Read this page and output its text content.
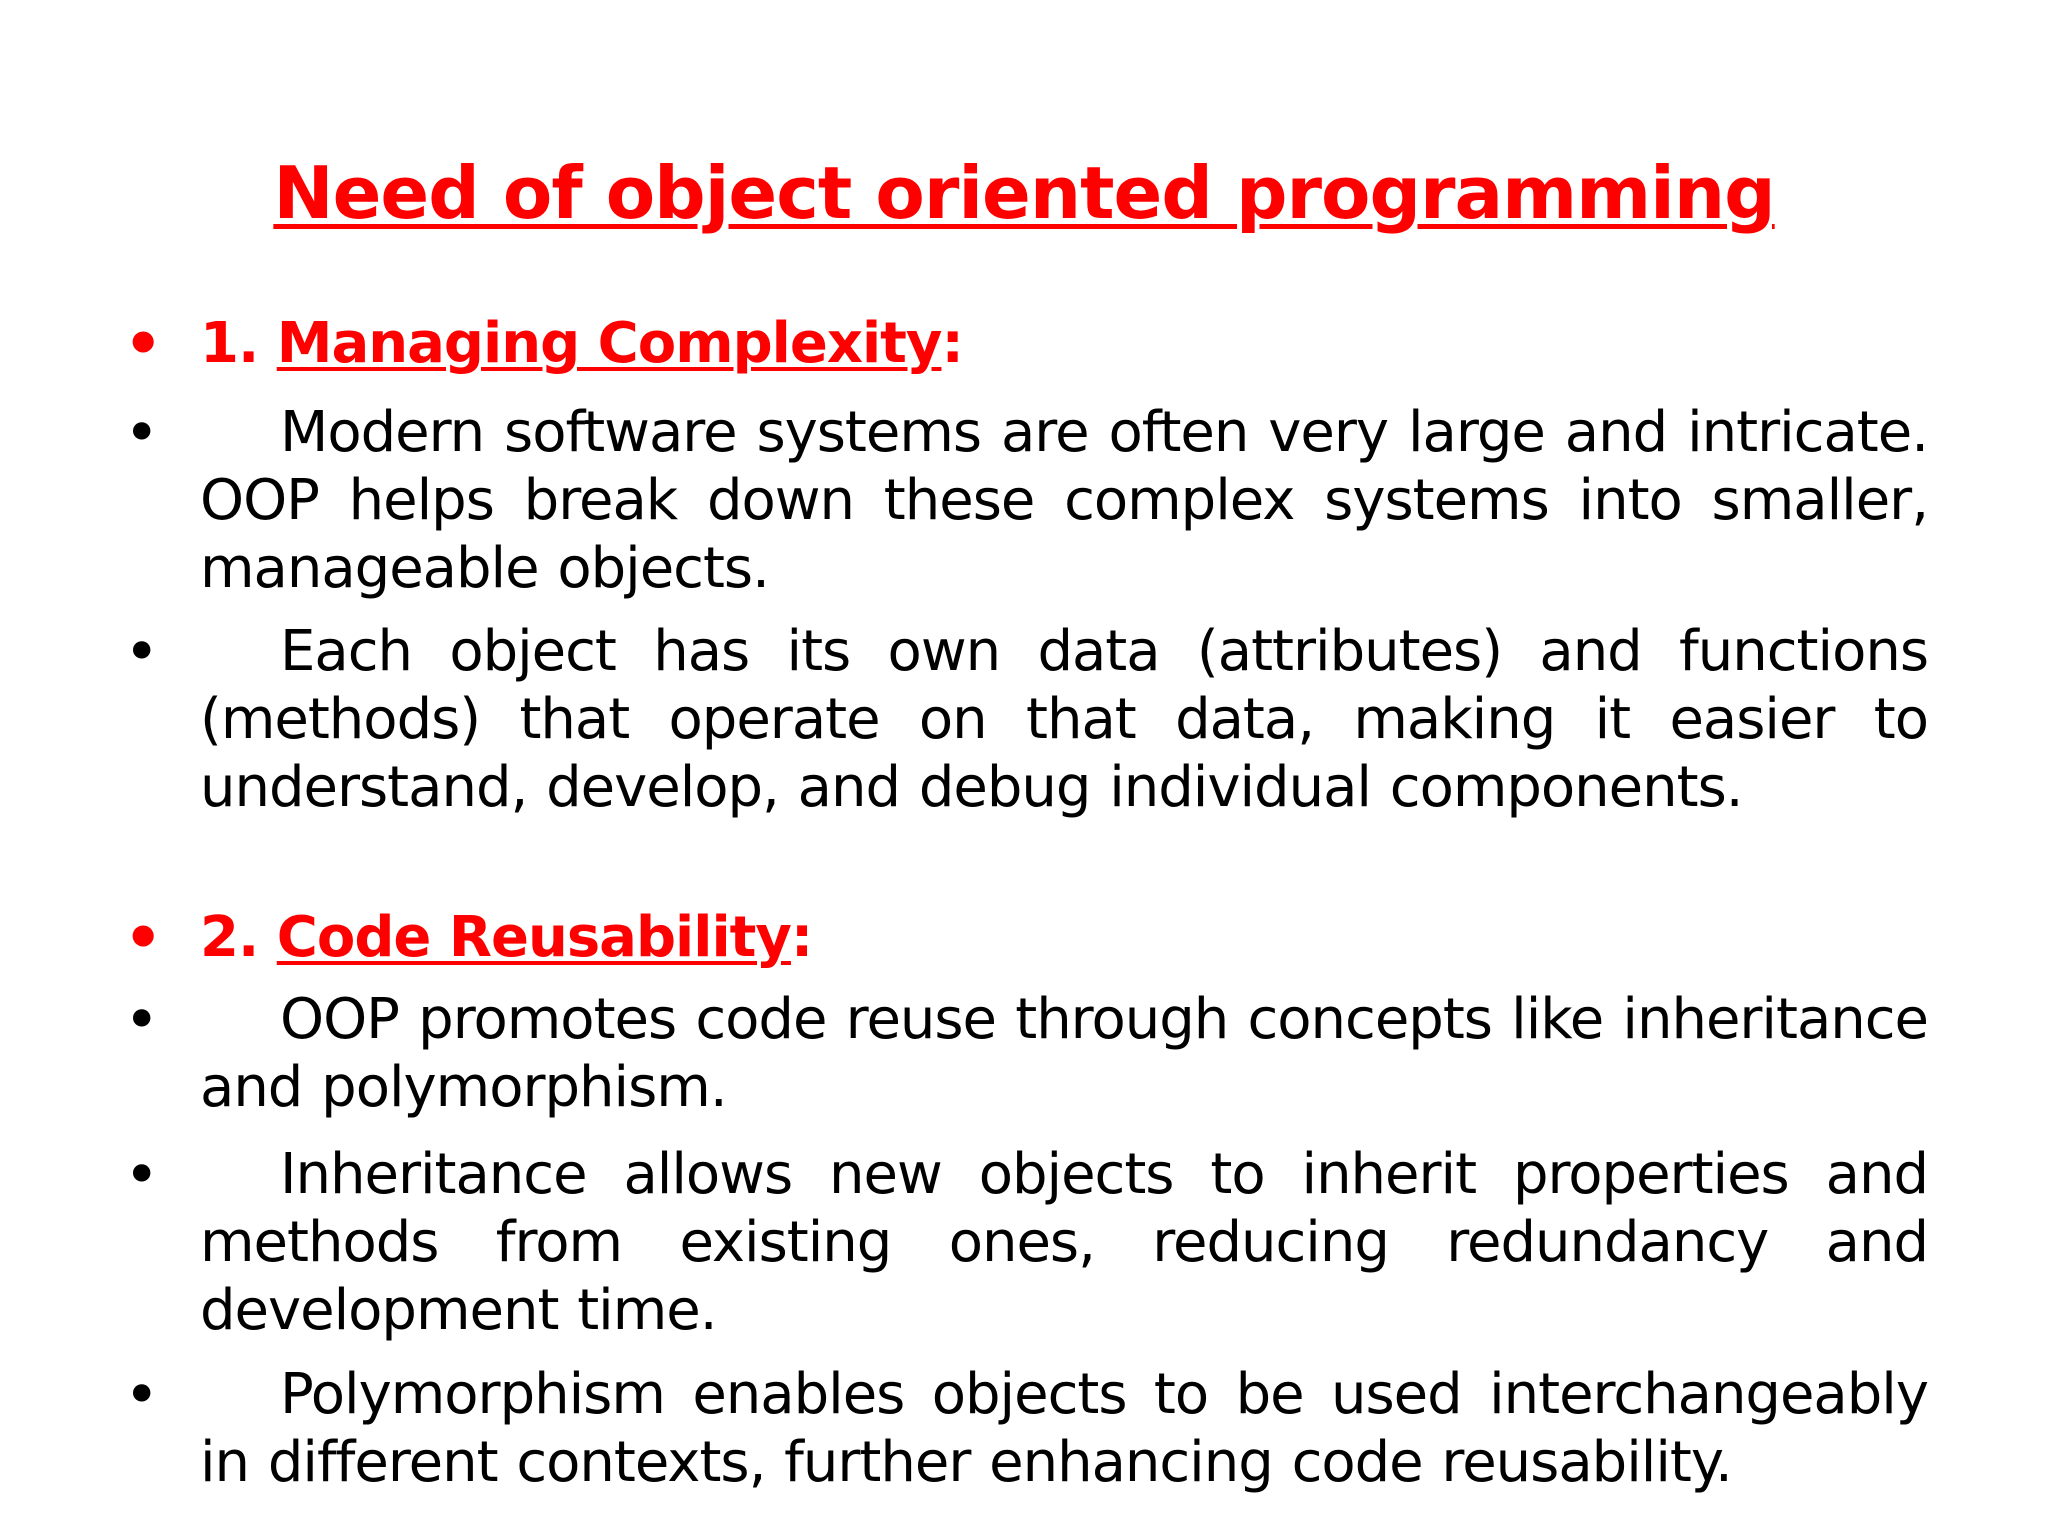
Need of object oriented programming
• 1. Managing Complexity:
• Modern software systems are often very large and intricate. OOP helps break down these complex systems into smaller, manageable objects.
• Each object has its own data (attributes) and functions (methods) that operate on that data, making it easier to understand, develop, and debug individual components.
• 2. Code Reusability:
• OOP promotes code reuse through concepts like inheritance and polymorphism.
• Inheritance allows new objects to inherit properties and methods from existing ones, reducing redundancy and development time.
• Polymorphism enables objects to be used interchangeably in different contexts, further enhancing code reusability.
